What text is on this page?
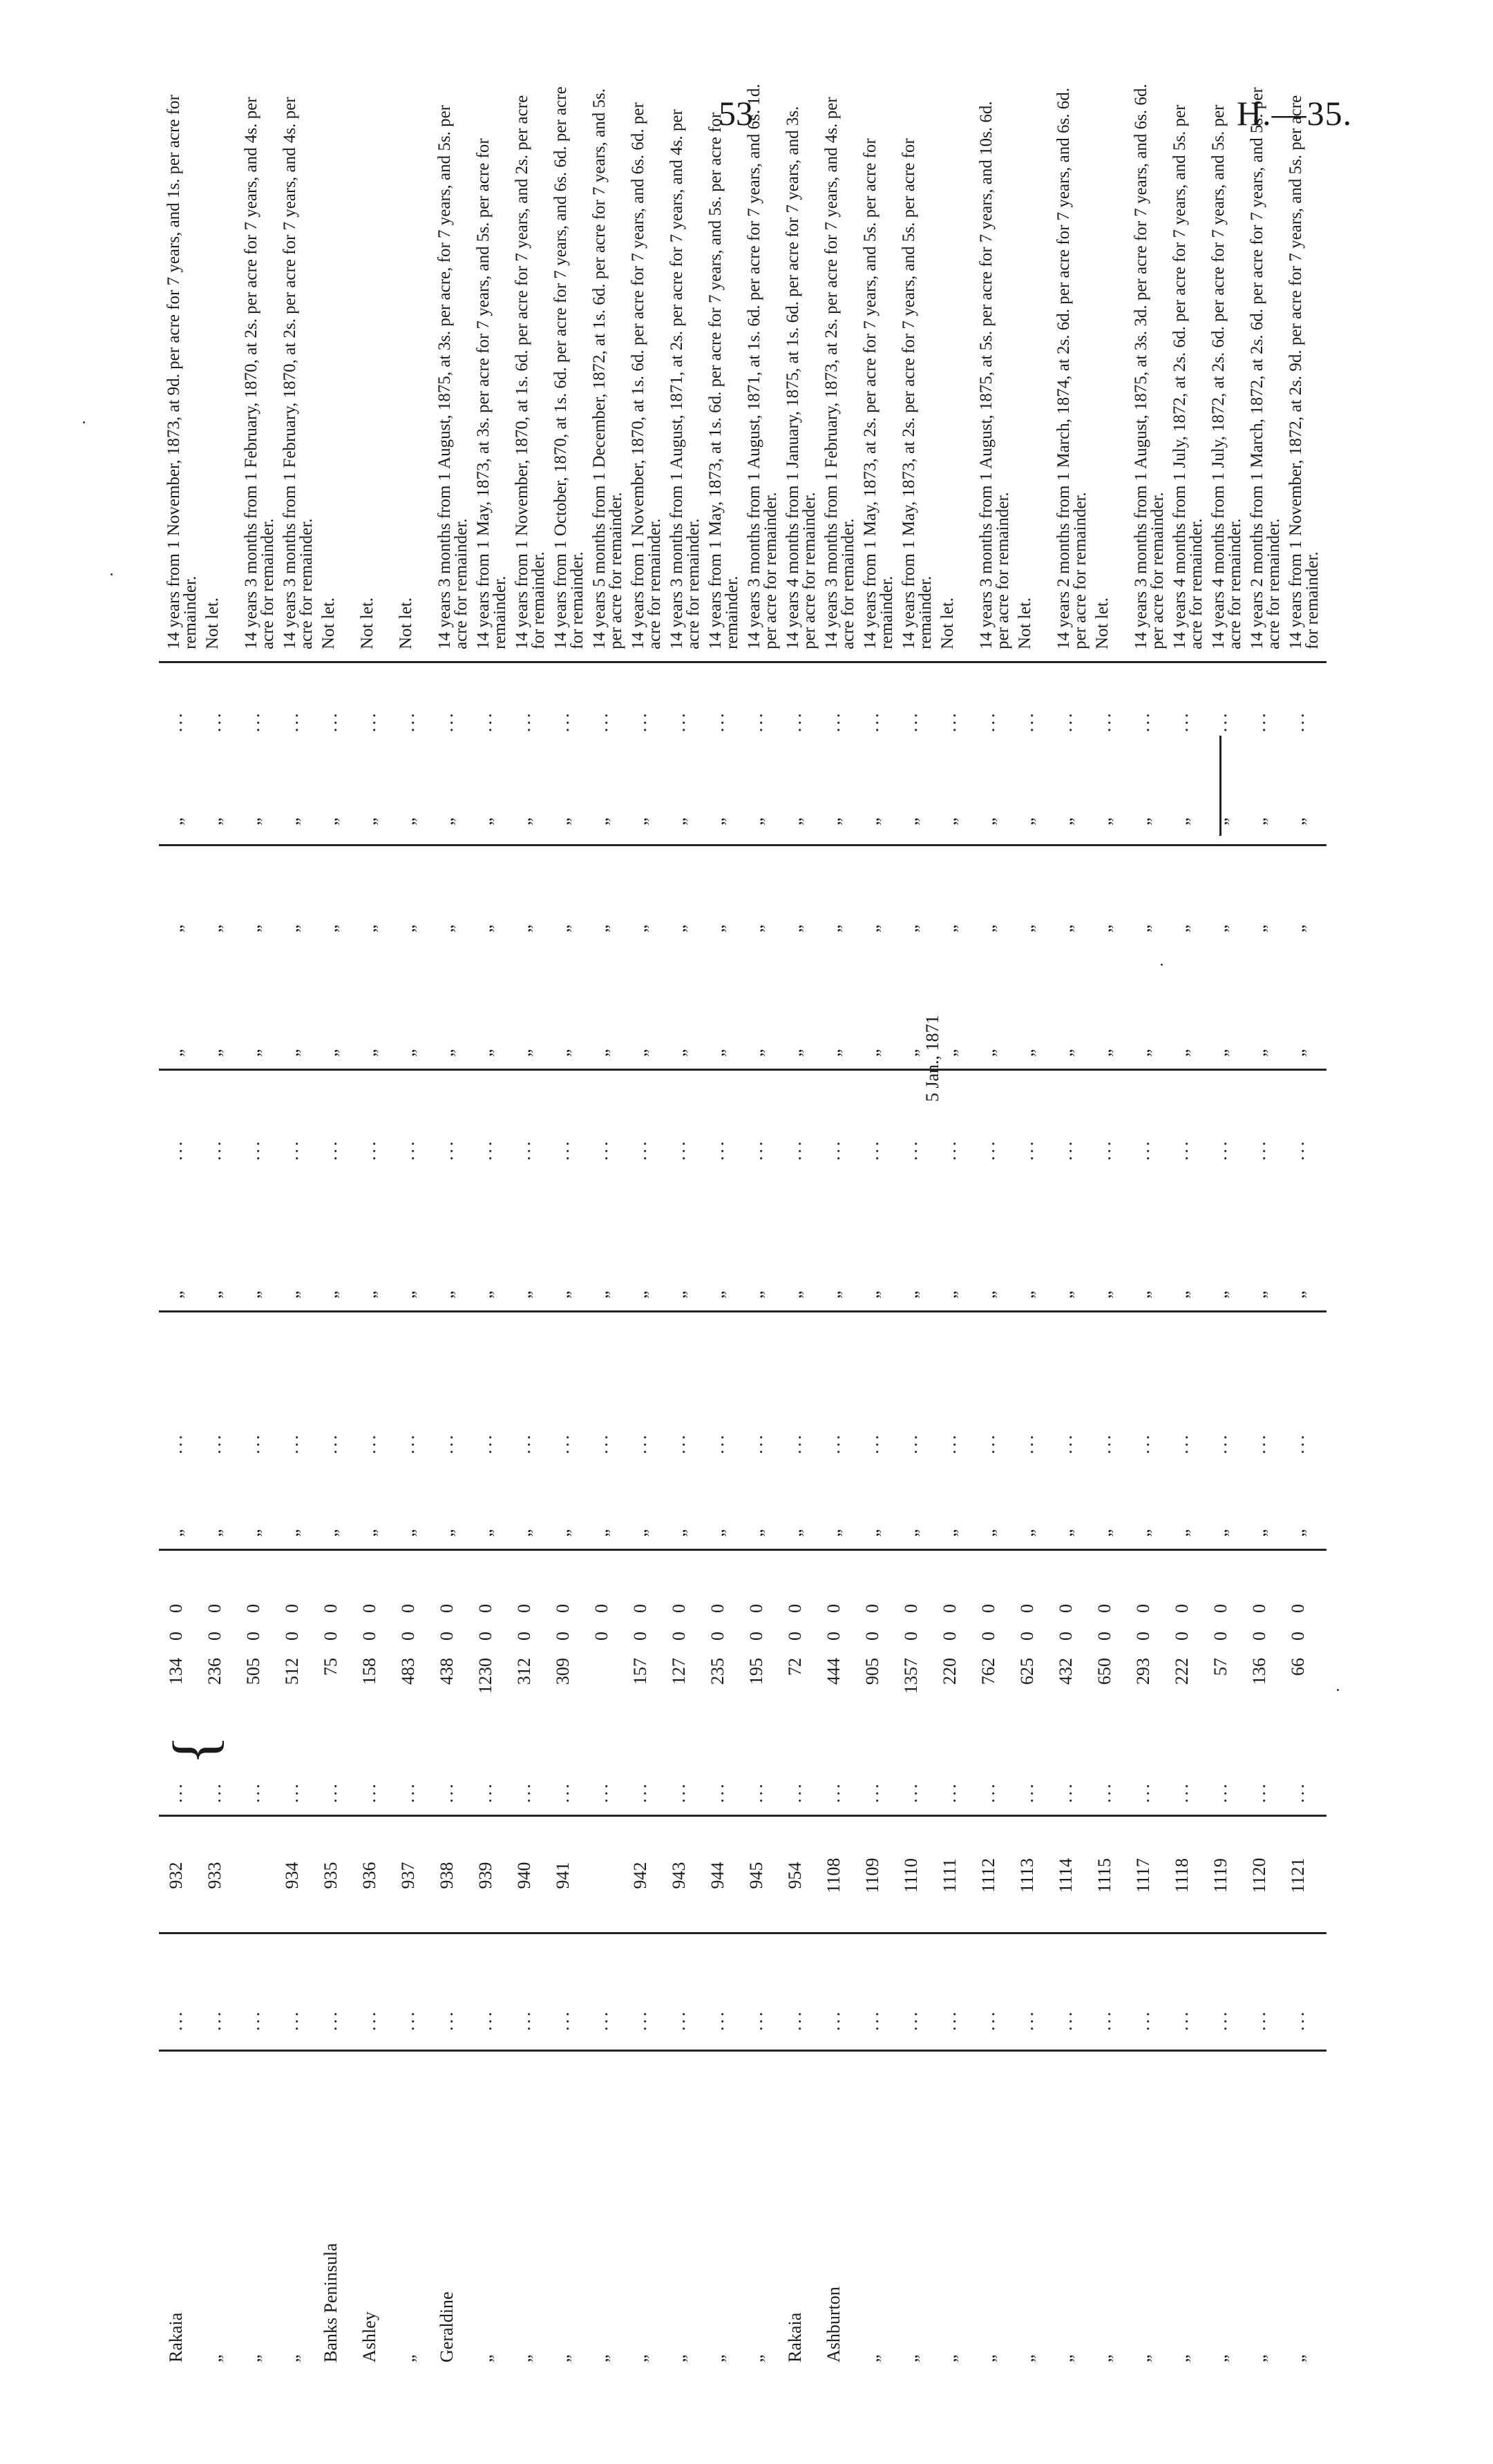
53	H.—35.
{
Rakaia
...
932
...
134
0
0
„
...
„
...
„
„
„
...
14 years from 1 November, 1873, at 9d. per acre for 7 years, and 1s. per acre for remainder.
„
...
933
...
236
0
0
„
...
„
...
„
„
„
...
Not let.
„
...
...
505
0
0
„
...
„
...
„
„
„
...
14 years 3 months from 1 February, 1870, at 2s. per acre for 7 years, and 4s. per acre for remainder.
„
...
934
...
512
0
0
„
...
„
...
„
„
„
...
14 years 3 months from 1 February, 1870, at 2s. per acre for 7 years, and 4s. per acre for remainder.
Banks Peninsula
...
935
...
75
0
0
„
...
„
...
„
„
„
...
Not let.
Ashley
...
936
...
158
0
0
„
...
„
...
„
„
„
...
Not let.
„
...
937
...
483
0
0
„
...
„
...
„
„
„
...
Not let.
Geraldine
...
938
...
438
0
0
„
...
„
...
„
„
„
...
14 years 3 months from 1 August, 1875, at 3s. per acre, for 7 years, and 5s. per acre for remainder.
„
...
939
...
1230
0
0
„
...
„
...
„
„
„
...
14 years from 1 May, 1873, at 3s. per acre for 7 years, and 5s. per acre for remainder.
„
...
940
...
312
0
0
„
...
„
...
„
„
„
...
14 years from 1 November, 1870, at 1s. 6d. per acre for 7 years, and 2s. per acre for remainder.
„
...
941
...
309
0
0
„
...
„
...
„
„
„
...
14 years from 1 October, 1870, at 1s. 6d. per acre for 7 years, and 6s. 6d. per acre for remainder.
„
...
...
0
0
„
...
„
...
„
„
„
...
14 years 5 months from 1 December, 1872, at 1s. 6d. per acre for 7 years, and 5s. per acre for remainder.
„
...
942
...
157
0
0
„
...
„
...
„
„
„
...
14 years from 1 November, 1870, at 1s. 6d. per acre for 7 years, and 6s. 6d. per acre for remainder.
„
...
943
...
127
0
0
„
...
„
...
„
„
„
...
14 years 3 months from 1 August, 1871, at 2s. per acre for 7 years, and 4s. per acre for remainder.
„
...
944
...
235
0
0
„
...
„
...
„
„
„
...
14 years from 1 May, 1873, at 1s. 6d. per acre for 7 years, and 5s. per acre for remainder.
„
...
945
...
195
0
0
„
...
„
...
„
„
„
...
14 years 3 months from 1 August, 1871, at 1s. 6d. per acre for 7 years, and 6s. 1d. per acre for remainder.
Rakaia
...
954
...
72
0
0
„
...
„
...
„
„
„
...
14 years 4 months from 1 January, 1875, at 1s. 6d. per acre for 7 years, and 3s. per acre for remainder.
Ashburton
...
1108
...
444
0
0
„
...
„
...
„
„
„
...
14 years 3 months from 1 February, 1873, at 2s. per acre for 7 years, and 4s. per acre for remainder.
„
...
1109
...
905
0
0
„
...
„
...
„
„
„
...
14 years from 1 May, 1873, at 2s. per acre for 7 years, and 5s. per acre for remainder.
„
...
1110
...
1357
0
0
„
...
„
...
„
„
„
...
14 years from 1 May, 1873, at 2s. per acre for 7 years, and 5s. per acre for remainder.
„
...
1111
...
220
0
0
„
...
„
...
„
„
„
...
Not let.
„
...
1112
...
762
0
0
„
...
„
...
„
„
„
...
14 years 3 months from 1 August, 1875, at 5s. per acre for 7 years, and 10s. 6d. per acre for remainder.
„
...
1113
...
625
0
0
„
...
„
...
„
„
„
...
Not let.
„
...
1114
...
432
0
0
„
...
„
...
„
„
„
...
14 years 2 months from 1 March, 1874, at 2s. 6d. per acre for 7 years, and 6s. 6d. per acre for remainder.
„
...
1115
...
650
0
0
„
...
„
...
„
„
„
...
Not let.
„
...
1117
...
293
0
0
„
...
„
...
„
„
„
...
14 years 3 months from 1 August, 1875, at 3s. 3d. per acre for 7 years, and 6s. 6d. per acre for remainder.
„
...
1118
...
222
0
0
„
...
„
...
„
„
„
...
14 years 4 months from 1 July, 1872, at 2s. 6d. per acre for 7 years, and 5s. per acre for remainder.
„
...
1119
...
57
0
0
„
...
„
...
„
„
„
...
14 years 4 months from 1 July, 1872, at 2s. 6d. per acre for 7 years, and 5s. per acre for remainder.
„
...
1120
...
136
0
0
„
...
„
...
„
„
„
...
14 years 2 months from 1 March, 1872, at 2s. 6d. per acre for 7 years, and 5s. per acre for remainder.
„
...
1121
...
66
0
0
„
...
„
...
„
„
„
...
14 years from 1 November, 1872, at 2s. 9d. per acre for 7 years, and 5s. per acre for remainder.
5 Jan., 1871
